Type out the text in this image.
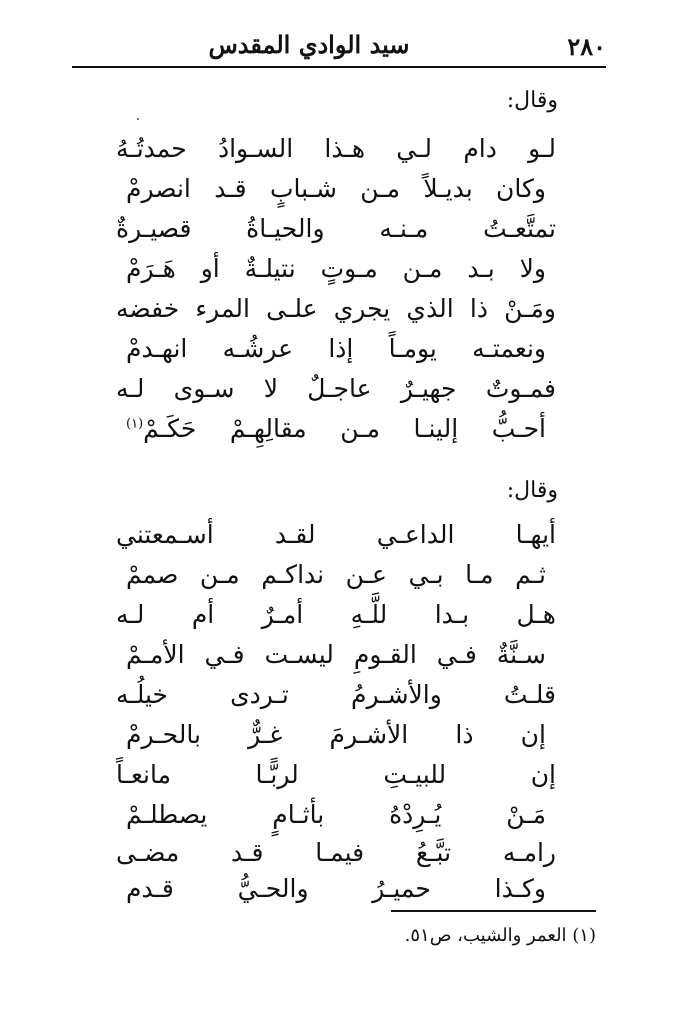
٢٨٠
سيد الوادي المقدس
وقال:
لـو دام لـي هـذا السـوادُ حمدتُـهُ
وكان بديـلاً مـن شـبابٍ قـد انصرمْ
تمتَّعـتُ مـنـه والحيـاةُ قصيـرةٌ
ولا بـد مـن مـوتٍ نتيلـةٌ أو هَـرَمْ
ومَـنْ ذا الذي يجري علـى المرء خفضه
ونعمتـه يومـاً إذا عرشُـه انهـدمْ
فمـوتٌ جهيـرٌ عاجـلٌ لا سـوى لـه
أحـبُّ إلينـا مـن مقالِهِـمْ حَكَـمْ$^{(١)}$
وقال:
أيهـا الداعـي لقـد أسـمعتني
ثـم مـا بـي عـن نداكـم مـن صممْ
هـل بـدا للَّـهِ أمـرٌ أم لـه
سـنَّةٌ فـي القـومِ ليسـت فـي الأمـمْ
قلـتُ والأشـرمُ تـردى خيلُـه
إن ذا الأشـرمَ غـرٌّ بالحـرمْ
إن للبيـتِ لربًّـا مانعـاً
مَـنْ يُـرِدْهُ بأثـامٍ يصطلـمْ
رامـه تبَّـعُ فيمـا قـد مضـى
وكـذا حميـرُ والحـيُّ قـدم
(١) العمر والشيب، ص٥١.
